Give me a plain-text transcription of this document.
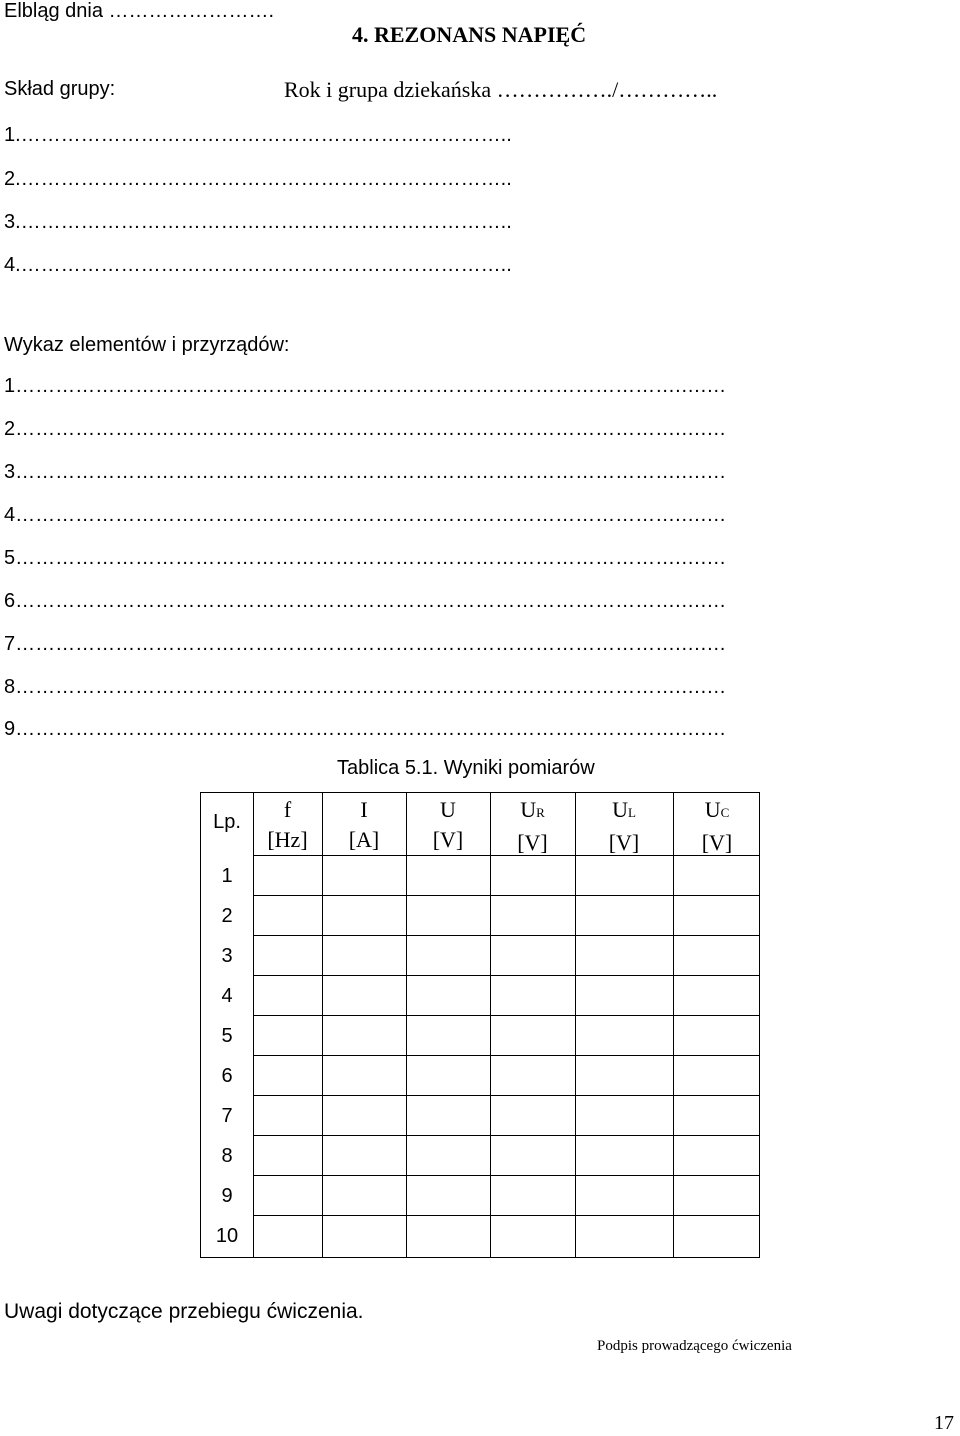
Elbląg dnia …………………….
4. REZONANS NAPIĘĆ
Skład grupy:	Rok i grupa dziekańska ……………./…………..
1.………………………………………………………………..
2.………………………………………………………………..
3.………………………………………………………………..
4.………………………………………………………………..
Wykaz elementów i przyrządów:
1……………………………………………………………………………………….….…
2……………………………………………………………………………………….….…
3……………………………………………………………………………………….….…
4……………………………………………………………………………………….….…
5……………………………………………………………………………………….….…
6……………………………………………………………………………………….….…
7……………………………………………………………………………………….….…
8……………………………………………………………………………………….….…
9……………………………………………………………………………………….….…
Tablica 5.1. Wyniki pomiarów
Lp.	f
[Hz]
I
[A]
U
[V]
UR
[V]
UL
[V]
UC
[V]
1
2
3
4
5
6
7
8
9
10
Uwagi dotyczące przebiegu ćwiczenia.
Podpis prowadzącego ćwiczenia
17
